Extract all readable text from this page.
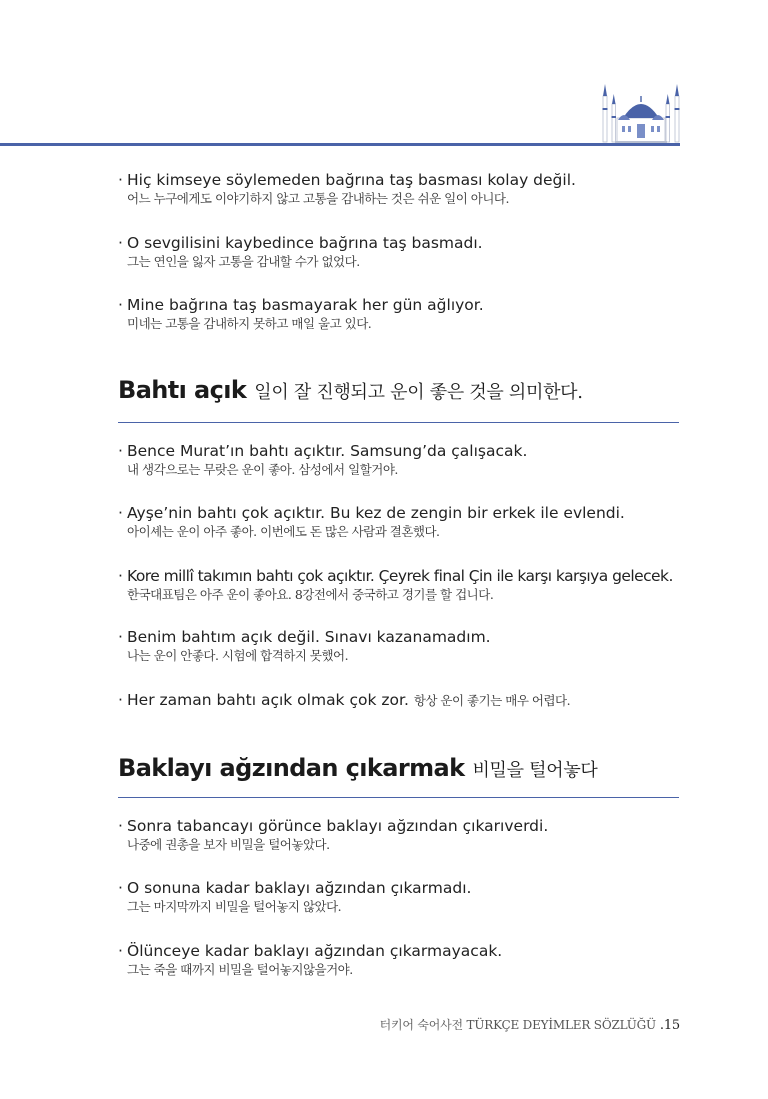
· Hiç kimseye söylemeden bağrına taş basması kolay değil.
어느 누구에게도 이야기하지 않고 고통을 감내하는 것은 쉬운 일이 아니다.
· O sevgilisini kaybedince bağrına taş basmadı.
그는 연인을 잃자 고통을 감내할 수가 없었다.
· Mine bağrına taş basmayarak her gün ağlıyor.
미네는 고통을 감내하지 못하고 매일 울고 있다.
Bahtı açık 일이 잘 진행되고 운이 좋은 것을 의미한다.
· Bence Murat’ın bahtı açıktır. Samsung’da çalışacak.
내 생각으로는 무랏은 운이 좋아. 삼성에서 일할거야.
· Ayşe’nin bahtı çok açıktır. Bu kez de zengin bir erkek ile evlendi.
아이셰는 운이 아주 좋아. 이번에도 돈 많은 사람과 결혼했다.
· Kore millî takımın bahtı çok açıktır. Çeyrek final Çin ile karşı karşıya gelecek.
한국대표팀은 아주 운이 좋아요. 8강전에서 중국하고 경기를 할 겁니다.
· Benim bahtım açık değil. Sınavı kazanamadım.
나는 운이 안좋다. 시험에 합격하지 못했어.
· Her zaman bahtı açık olmak çok zor. 항상 운이 좋기는 매우 어렵다.
Baklayı ağzından çıkarmak 비밀을 털어놓다
· Sonra tabancayı görünce baklayı ağzından çıkarıverdi.
나중에 권총을 보자 비밀을 털어놓았다.
· O sonuna kadar baklayı ağzından çıkarmadı.
그는 마지막까지 비밀을 털어놓지 않았다.
· Ölünceye kadar baklayı ağzından çıkarmayacak.
그는 죽을 때까지 비밀을 털어놓지않을거야.
터키어 숙어사전 TÜRKÇE DEYİMLER SÖZLÜĞÜ .15
